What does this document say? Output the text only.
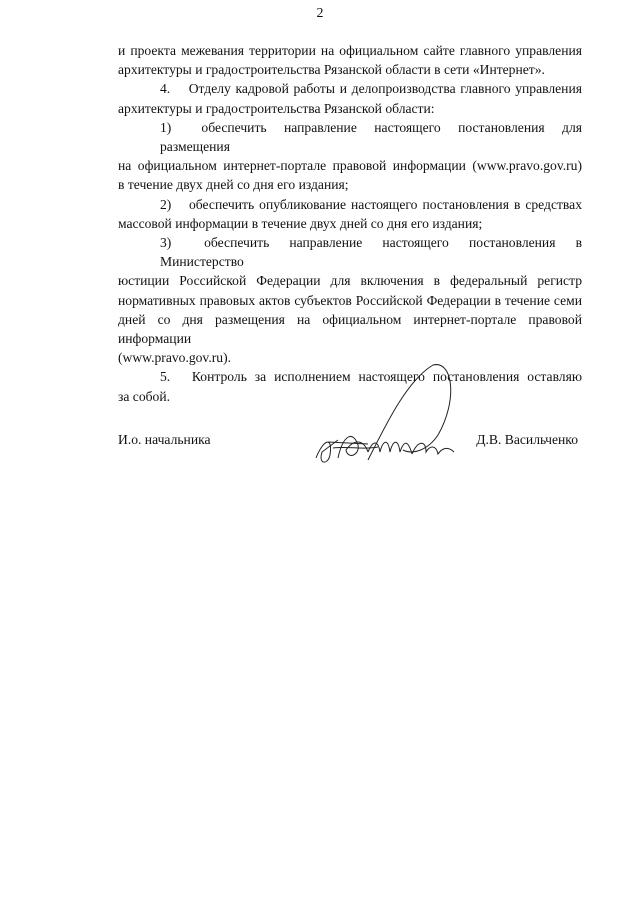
2
и проекта межевания территории на официальном сайте главного управления
архитектуры и градостроительства Рязанской области в сети «Интернет».
4. Отделу кадровой работы и делопроизводства главного управления
архитектуры и градостроительства Рязанской области:
1) обеспечить направление настоящего постановления для размещения
на официальном интернет-портале правовой информации (www.pravo.gov.ru)
в течение двух дней со дня его издания;
2) обеспечить опубликование настоящего постановления в средствах
массовой информации в течение двух дней со дня его издания;
3) обеспечить направление настоящего постановления в Министерство
юстиции Российской Федерации для включения в федеральный регистр
нормативных правовых актов субъектов Российской Федерации в течение семи
дней со дня размещения на официальном интернет-портале правовой информации
(www.pravo.gov.ru).
5. Контроль за исполнением настоящего постановления оставляю
за собой.
И.о. начальника	Д.В. Васильченко
